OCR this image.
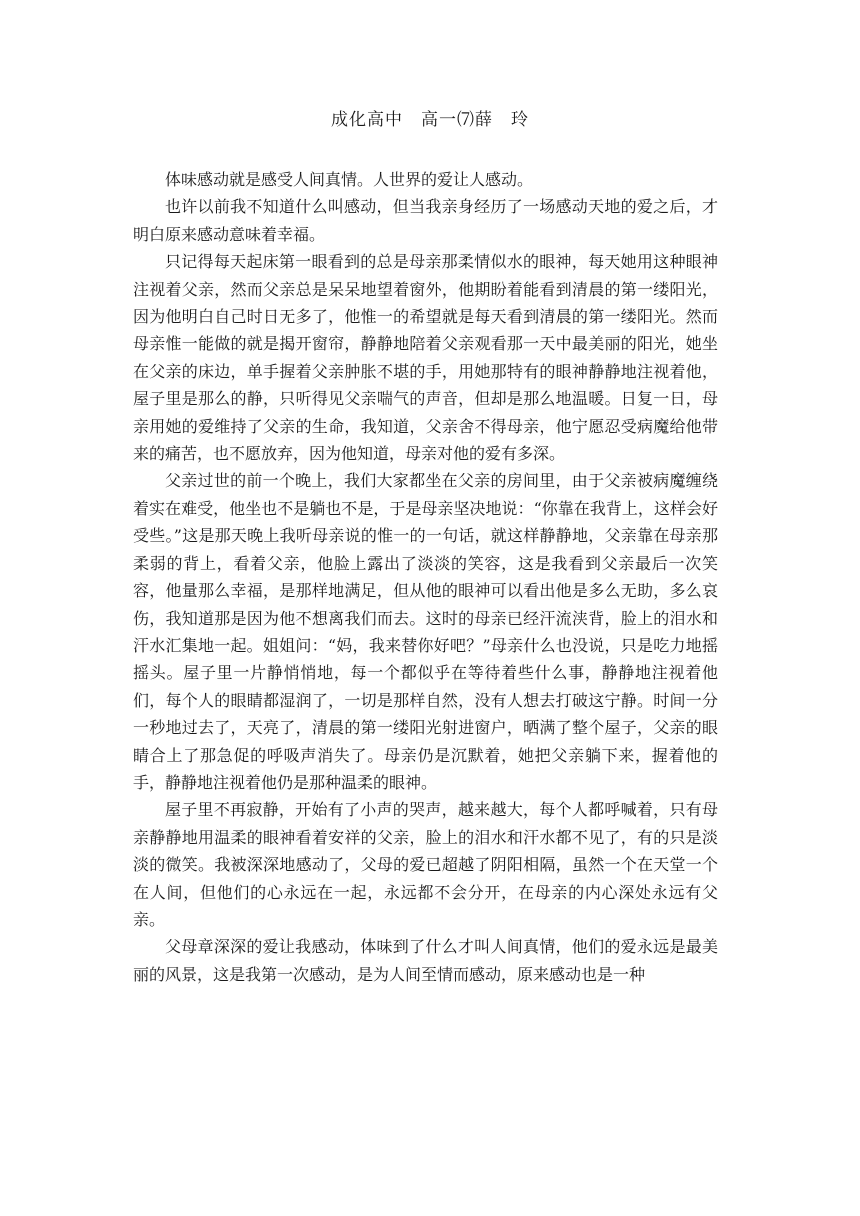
成化高中　高一⑺薛　玲

体味感动就是感受人间真情。人世界的爱让人感动。

也许以前我不知道什么叫感动，但当我亲身经历了一场感动天地的爱之后，才明白原来感动意味着幸福。

只记得每天起床第一眼看到的总是母亲那柔情似水的眼神，每天她用这种眼神注视着父亲，然而父亲总是呆呆地望着窗外，他期盼着能看到清晨的第一缕阳光，因为他明白自己时日无多了，他惟一的希望就是每天看到清晨的第一缕阳光。然而母亲惟一能做的就是揭开窗帘，静静地陪着父亲观看那一天中最美丽的阳光，她坐在父亲的床边，单手握着父亲肿胀不堪的手，用她那特有的眼神静静地注视着他，屋子里是那么的静，只听得见父亲喘气的声音，但却是那么地温暖。日复一日，母亲用她的爱维持了父亲的生命，我知道，父亲舍不得母亲，他宁愿忍受病魔给他带来的痛苦，也不愿放弃，因为他知道，母亲对他的爱有多深。

父亲过世的前一个晚上，我们大家都坐在父亲的房间里，由于父亲被病魔缠绕着实在难受，他坐也不是躺也不是，于是母亲坚决地说：“你靠在我背上，这样会好受些。”这是那天晚上我听母亲说的惟一的一句话，就这样静静地，父亲靠在母亲那柔弱的背上，看着父亲，他脸上露出了淡淡的笑容，这是我看到父亲最后一次笑容，他量那么幸福，是那样地满足，但从他的眼神可以看出他是多么无助，多么哀伤，我知道那是因为他不想离我们而去。这时的母亲已经汗流浃背，脸上的泪水和汗水汇集地一起。姐姐问：“妈，我来替你好吧？”母亲什么也没说，只是吃力地摇摇头。屋子里一片静悄悄地，每一个都似乎在等待着些什么事，静静地注视着他们，每个人的眼睛都湿润了，一切是那样自然，没有人想去打破这宁静。时间一分一秒地过去了，天亮了，清晨的第一缕阳光射进窗户，晒满了整个屋子，父亲的眼睛合上了那急促的呼吸声消失了。母亲仍是沉默着，她把父亲躺下来，握着他的手，静静地注视着他仍是那种温柔的眼神。

屋子里不再寂静，开始有了小声的哭声，越来越大，每个人都呼喊着，只有母亲静静地用温柔的眼神看着安祥的父亲，脸上的泪水和汗水都不见了，有的只是淡淡的微笑。我被深深地感动了，父母的爱已超越了阴阳相隔，虽然一个在天堂一个在人间，但他们的心永远在一起，永远都不会分开，在母亲的内心深处永远有父亲。

父母章深深的爱让我感动，体味到了什么才叫人间真情，他们的爱永远是最美丽的风景，这是我第一次感动，是为人间至情而感动，原来感动也是一种
